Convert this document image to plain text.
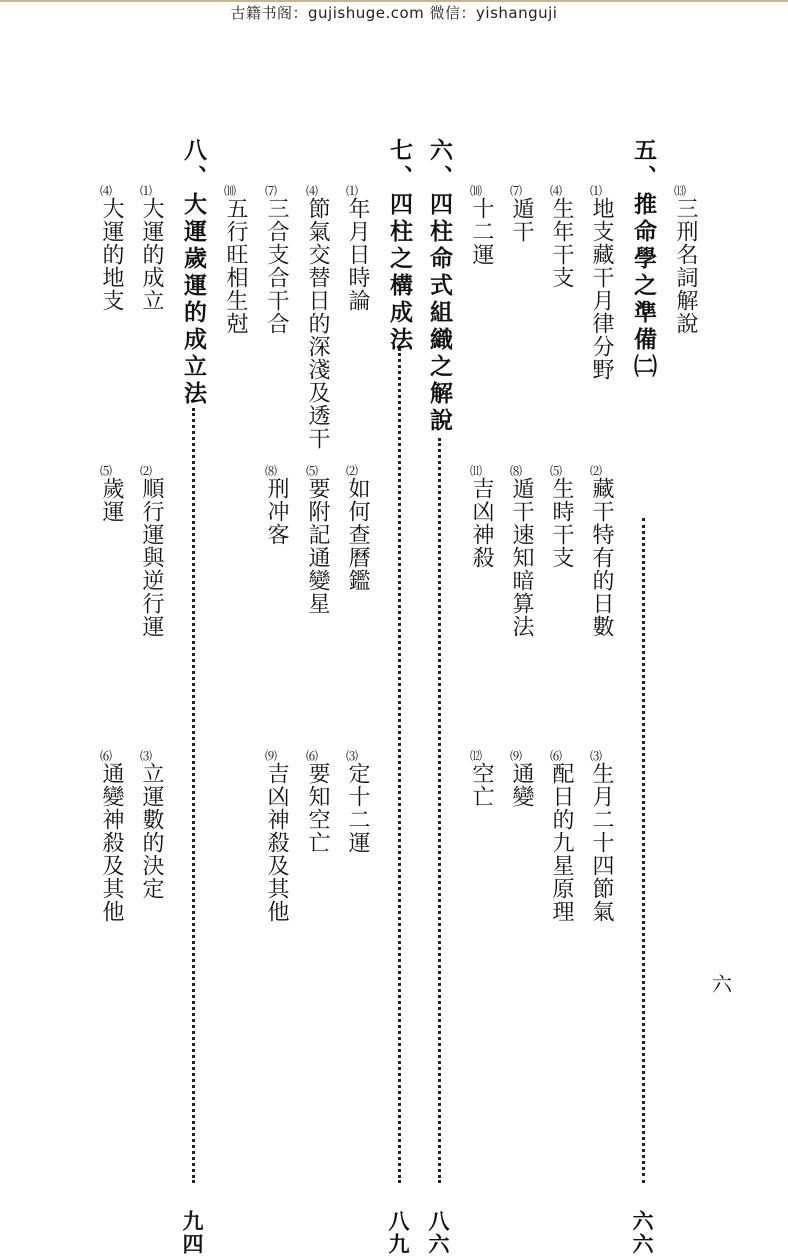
古籍书阁：gujishuge.com 微信：yishanguji
⒀
三刑名詞解說
五、推命學之準備㈡
六六
⑴
地支藏干月律分野
⑵
藏干特有的日數
⑶
生月二十四節氣
⑷
生年干支
⑸
生時干支
⑹
配日的九星原理
⑺
遁干
⑻
遁干速知暗算法
⑼
通變
⑽
十二運
⑾
吉凶神殺
⑿
空亡
六、四柱命式組織之解說
八六
七、四柱之構成法
八九
⑴
年月日時論
⑵
如何查曆鑑
⑶
定十二運
⑷
節氣交替日的深淺及透干
⑸
要附記通變星
⑹
要知空亡
⑺
三合支合干合
⑻
刑冲客
⑼
吉凶神殺及其他
⑽
五行旺相生尅
八、大運歲運的成立法
九四
⑴
大運的成立
⑵
順行運與逆行運
⑶
立運數的決定
⑷
大運的地支
⑸
歲運
⑹
通變神殺及其他
六
